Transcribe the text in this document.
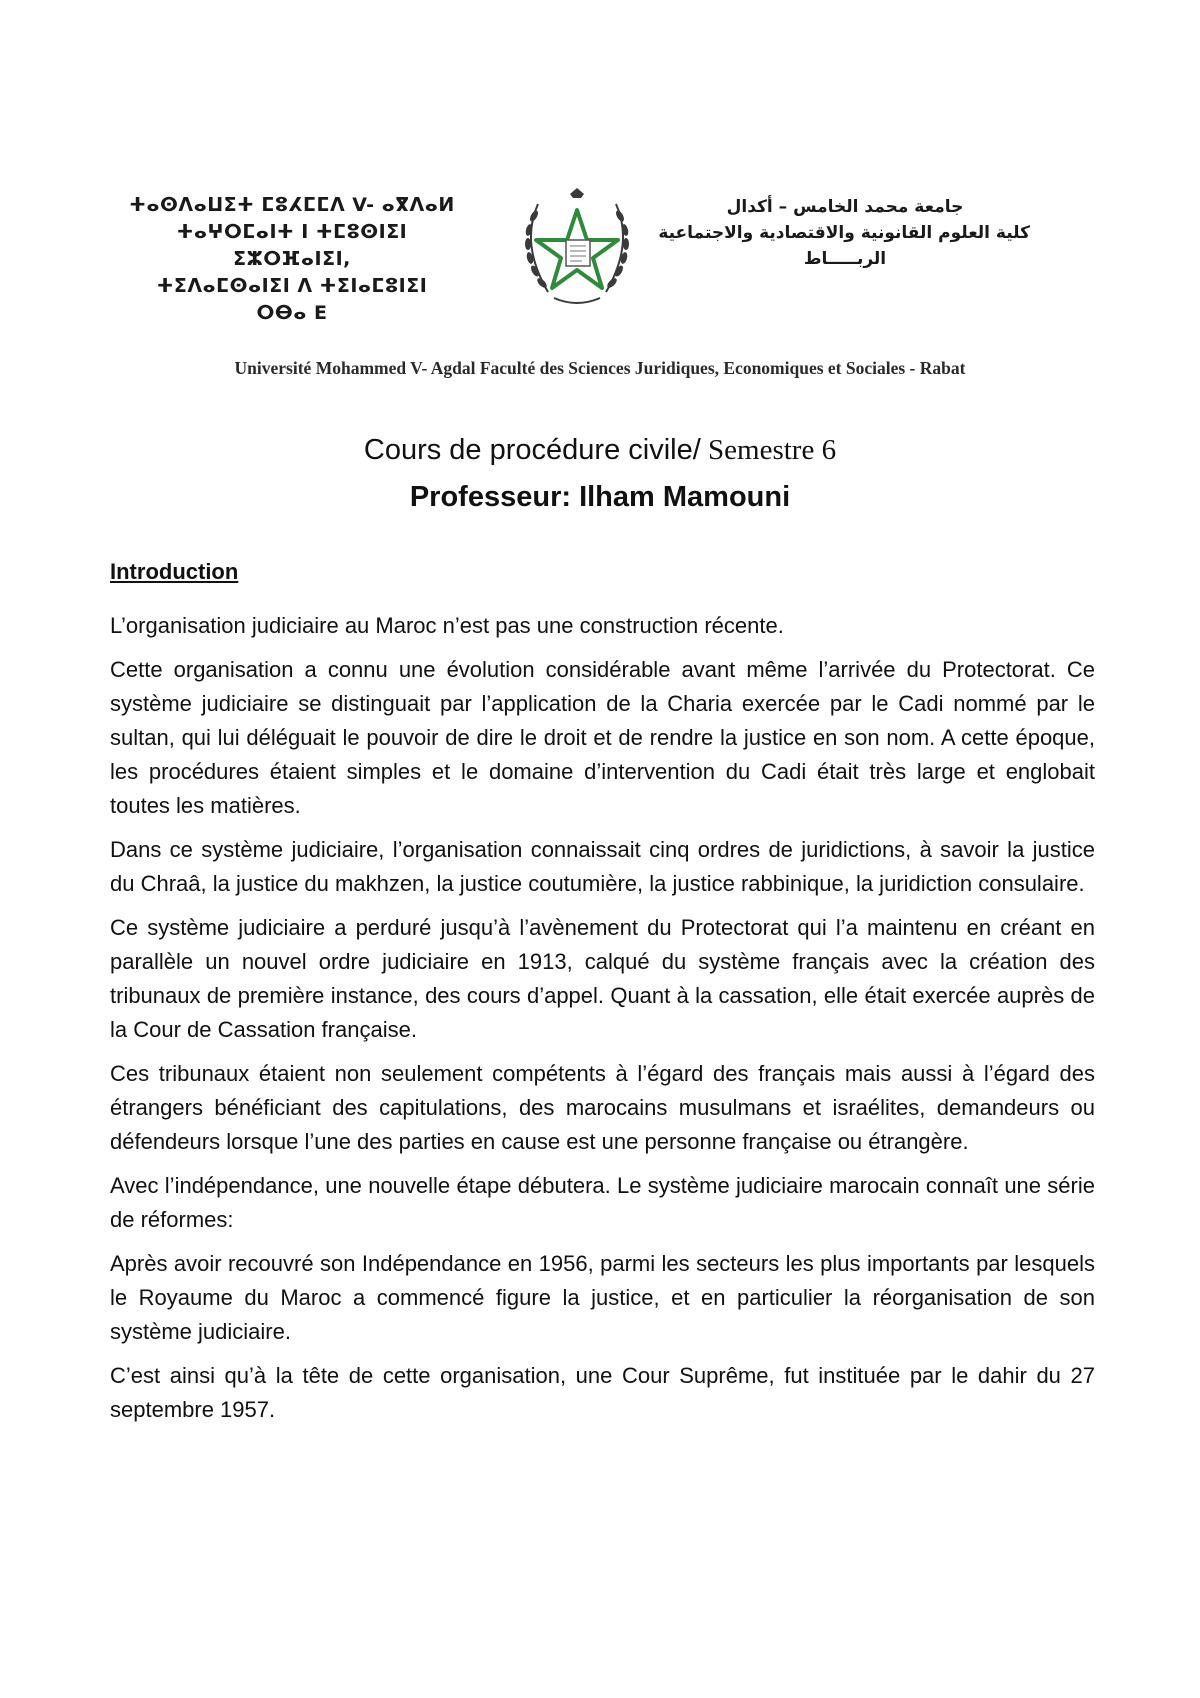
ⵜⴰⵙⴷⴰⵡⵉⵜ ⵎⵓⵃⵎⵎⴷ V- ⴰⴳⴷⴰⵍ
ⵜⴰⵖⵔⵎⴰⵏⵜ ⵏ ⵜⵎⵓⵙⵏⵉⵏ
ⵉⵣⵔⴼⴰⵏⵉⵏ,
ⵜⵉⴷⴰⵎⵙⴰⵏⵉⵏ ⴷ ⵜⵉⵏⴰⵎⵓⵏⵉⵏ
ⵔⴱⴰ E
جامعة محمد الخامس – أكدال
كلية العلوم القانونية والاقتصادية والاجتماعية
الربـــــاط
Université Mohammed V- Agdal Faculté des Sciences Juridiques, Economiques et Sociales - Rabat
Cours de procédure civile/ Semestre 6
Professeur: Ilham Mamouni
Introduction

L’organisation judiciaire au Maroc n’est pas une construction récente.

Cette organisation a connu une évolution considérable avant même l’arrivée du Protectorat. Ce système judiciaire se distinguait par l’application de la Charia exercée par le Cadi nommé par le sultan, qui lui déléguait le pouvoir de dire le droit et de rendre la justice en son nom. A cette époque, les procédures étaient simples et le domaine d’intervention du Cadi était très large et englobait toutes les matières.

Dans ce système judiciaire, l’organisation connaissait cinq ordres de juridictions, à savoir la justice du Chraâ, la justice du makhzen, la justice coutumière, la justice rabbinique, la juridiction consulaire.

Ce système judiciaire a perduré jusqu’à l’avènement du Protectorat qui l’a maintenu en créant en parallèle un nouvel ordre judiciaire en 1913, calqué du système français avec la création des tribunaux de première instance, des cours d’appel. Quant à la cassation, elle était exercée auprès de la Cour de Cassation française.

Ces tribunaux étaient non seulement compétents à l’égard des français mais aussi à l’égard des étrangers bénéficiant des capitulations, des marocains musulmans et israélites, demandeurs ou défendeurs lorsque l’une des parties en cause est une personne française ou étrangère.

Avec l’indépendance, une nouvelle étape débutera. Le système judiciaire marocain connaît une série de réformes:

Après avoir recouvré son Indépendance en 1956, parmi les secteurs les plus importants par lesquels le Royaume du Maroc a commencé figure la justice, et en particulier la réorganisation de son système judiciaire.

C’est ainsi qu’à la tête de cette organisation, une Cour Suprême, fut instituée par le dahir du 27 septembre 1957.
